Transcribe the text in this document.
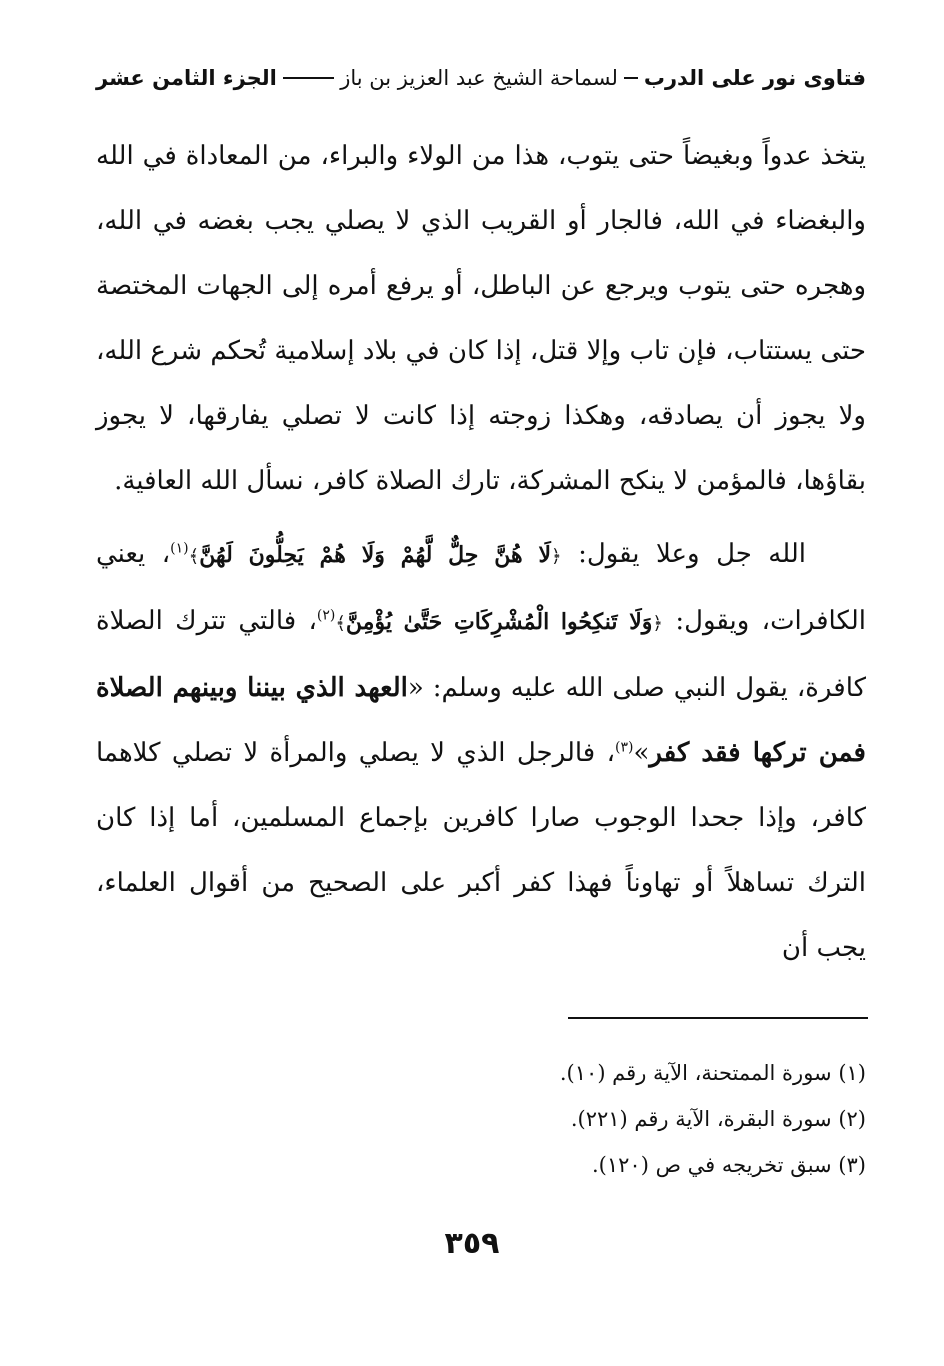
فتاوى نور على الدرب
لسماحة الشيخ عبد العزيز بن باز
الجزء الثامن عشر

يتخذ عدواً وبغيضاً حتى يتوب، هذا من الولاء والبراء، من المعاداة في الله والبغضاء في الله، فالجار أو القريب الذي لا يصلي يجب بغضه في الله، وهجره حتى يتوب ويرجع عن الباطل، أو يرفع أمره إلى الجهات المختصة حتى يستتاب، فإن تاب وإلا قتل، إذا كان في بلاد إسلامية تُحكم شرع الله، ولا يجوز أن يصادقه، وهكذا زوجته إذا كانت لا تصلي يفارقها، لا يجوز بقاؤها، فالمؤمن لا ينكح المشركة، تارك الصلاة كافر، نسأل الله العافية.

الله جل وعلا يقول: ﴿لَا هُنَّ حِلٌّ لَّهُمْ وَلَا هُمْ يَحِلُّونَ لَهُنَّ﴾$^{(١)}$، يعني الكافرات، ويقول: ﴿وَلَا تَنكِحُوا الْمُشْرِكَاتِ حَتَّىٰ يُؤْمِنَّ﴾$^{(٢)}$، فالتي تترك الصلاة كافرة، يقول النبي صلى الله عليه وسلم: «العهد الذي بيننا وبينهم الصلاة فمن تركها فقد كفر»$^{(٣)}$، فالرجل الذي لا يصلي والمرأة لا تصلي كلاهما كافر، وإذا جحدا الوجوب صارا كافرين بإجماع المسلمين، أما إذا كان الترك تساهلاً أو تهاوناً فهذا كفر أكبر على الصحيح من أقوال العلماء، يجب أن

(١) سورة الممتحنة، الآية رقم (١٠).
(٢) سورة البقرة، الآية رقم (٢٢١).
(٣) سبق تخريجه في ص (١٢٠).
٣٥٩
